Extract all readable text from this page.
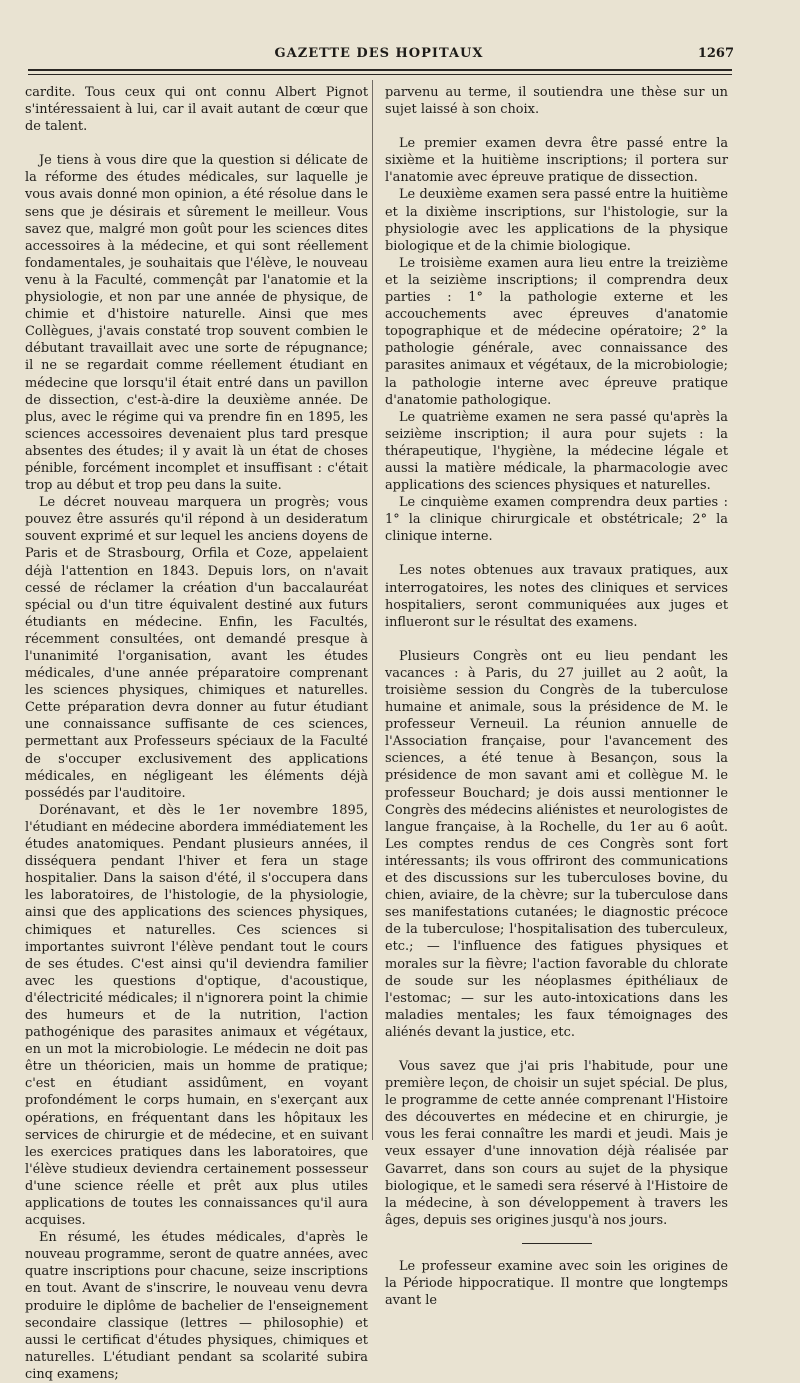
GAZETTE DES HOPITAUX	1267

cardite. Tous ceux qui ont connu Albert Pignot s'intéressaient à lui, car il avait autant de cœur que de talent.

Je tiens à vous dire que la question si délicate de la réforme des études médicales, sur laquelle je vous avais donné mon opinion, a été résolue dans le sens que je désirais et sûrement le meilleur. Vous savez que, malgré mon goût pour les sciences dites accessoires à la médecine, et qui sont réellement fondamentales, je souhaitais que l'élève, le nouveau venu à la Faculté, commençât par l'anatomie et la physiologie, et non par une année de physique, de chimie et d'histoire naturelle. Ainsi que mes Collègues, j'avais constaté trop souvent combien le débutant travaillait avec une sorte de répugnance; il ne se regardait comme réellement étudiant en médecine que lorsqu'il était entré dans un pavillon de dissection, c'est-à-dire la deuxième année. De plus, avec le régime qui va prendre fin en 1895, les sciences accessoires devenaient plus tard presque absentes des études; il y avait là un état de choses pénible, forcément incomplet et insuffisant : c'était trop au début et trop peu dans la suite.

Le décret nouveau marquera un progrès; vous pouvez être assurés qu'il répond à un desideratum souvent exprimé et sur lequel les anciens doyens de Paris et de Strasbourg, Orfila et Coze, appelaient déjà l'attention en 1843. Depuis lors, on n'avait cessé de réclamer la création d'un baccalauréat spécial ou d'un titre équivalent destiné aux futurs étudiants en médecine. Enfin, les Facultés, récemment consultées, ont demandé presque à l'unanimité l'organisation, avant les études médicales, d'une année préparatoire comprenant les sciences physiques, chimiques et naturelles. Cette préparation devra donner au futur étudiant une connaissance suffisante de ces sciences, permettant aux Professeurs spéciaux de la Faculté de s'occuper exclusivement des applications médicales, en négligeant les éléments déjà possédés par l'auditoire.

Dorénavant, et dès le 1er novembre 1895, l'étudiant en médecine abordera immédiatement les études anatomiques. Pendant plusieurs années, il disséquera pendant l'hiver et fera un stage hospitalier. Dans la saison d'été, il s'occupera dans les laboratoires, de l'histologie, de la physiologie, ainsi que des applications des sciences physiques, chimiques et naturelles. Ces sciences si importantes suivront l'élève pendant tout le cours de ses études. C'est ainsi qu'il deviendra familier avec les questions d'optique, d'acoustique, d'électricité médicales; il n'ignorera point la chimie des humeurs et de la nutrition, l'action pathogénique des parasites animaux et végétaux, en un mot la microbiologie. Le médecin ne doit pas être un théoricien, mais un homme de pratique; c'est en étudiant assidûment, en voyant profondément le corps humain, en s'exerçant aux opérations, en fréquentant dans les hôpitaux les services de chirurgie et de médecine, et en suivant les exercices pratiques dans les laboratoires, que l'élève studieux deviendra certainement possesseur d'une science réelle et prêt aux plus utiles applications de toutes les connaissances qu'il aura acquises.

En résumé, les études médicales, d'après le nouveau programme, seront de quatre années, avec quatre inscriptions pour chacune, seize inscriptions en tout. Avant de s'inscrire, le nouveau venu devra produire le diplôme de bachelier de l'enseignement secondaire classique (lettres — philosophie) et aussi le certificat d'études physiques, chimiques et naturelles. L'étudiant pendant sa scolarité subira cinq examens;

parvenu au terme, il soutiendra une thèse sur un sujet laissé à son choix.

Le premier examen devra être passé entre la sixième et la huitième inscriptions; il portera sur l'anatomie avec épreuve pratique de dissection.

Le deuxième examen sera passé entre la huitième et la dixième inscriptions, sur l'histologie, sur la physiologie avec les applications de la physique biologique et de la chimie biologique.

Le troisième examen aura lieu entre la treizième et la seizième inscriptions; il comprendra deux parties : 1° la pathologie externe et les accouchements avec épreuves d'anatomie topographique et de médecine opératoire; 2° la pathologie générale, avec connaissance des parasites animaux et végétaux, de la microbiologie; la pathologie interne avec épreuve pratique d'anatomie pathologique.

Le quatrième examen ne sera passé qu'après la seizième inscription; il aura pour sujets : la thérapeutique, l'hygiène, la médecine légale et aussi la matière médicale, la pharmacologie avec applications des sciences physiques et naturelles.

Le cinquième examen comprendra deux parties : 1° la clinique chirurgicale et obstétricale; 2° la clinique interne.

Les notes obtenues aux travaux pratiques, aux interrogatoires, les notes des cliniques et services hospitaliers, seront communiquées aux juges et influeront sur le résultat des examens.

Plusieurs Congrès ont eu lieu pendant les vacances : à Paris, du 27 juillet au 2 août, la troisième session du Congrès de la tuberculose humaine et animale, sous la présidence de M. le professeur Verneuil. La réunion annuelle de l'Association française, pour l'avancement des sciences, a été tenue à Besançon, sous la présidence de mon savant ami et collègue M. le professeur Bouchard; je dois aussi mentionner le Congrès des médecins aliénistes et neurologistes de langue française, à la Rochelle, du 1er au 6 août. Les comptes rendus de ces Congrès sont fort intéressants; ils vous offriront des communications et des discussions sur les tuberculoses bovine, du chien, aviaire, de la chèvre; sur la tuberculose dans ses manifestations cutanées; le diagnostic précoce de la tuberculose; l'hospitalisation des tuberculeux, etc.; — l'influence des fatigues physiques et morales sur la fièvre; l'action favorable du chlorate de soude sur les néoplasmes épithéliaux de l'estomac; — sur les auto-intoxications dans les maladies mentales; les faux témoignages des aliénés devant la justice, etc.

Vous savez que j'ai pris l'habitude, pour une première leçon, de choisir un sujet spécial. De plus, le programme de cette année comprenant l'Histoire des découvertes en médecine et en chirurgie, je vous les ferai connaître les mardi et jeudi. Mais je veux essayer d'une innovation déjà réalisée par Gavarret, dans son cours au sujet de la physique biologique, et le samedi sera réservé à l'Histoire de la médecine, à son développement à travers les âges, depuis ses origines jusqu'à nos jours.

Le professeur examine avec soin les origines de la Période hippocratique. Il montre que longtemps avant le
